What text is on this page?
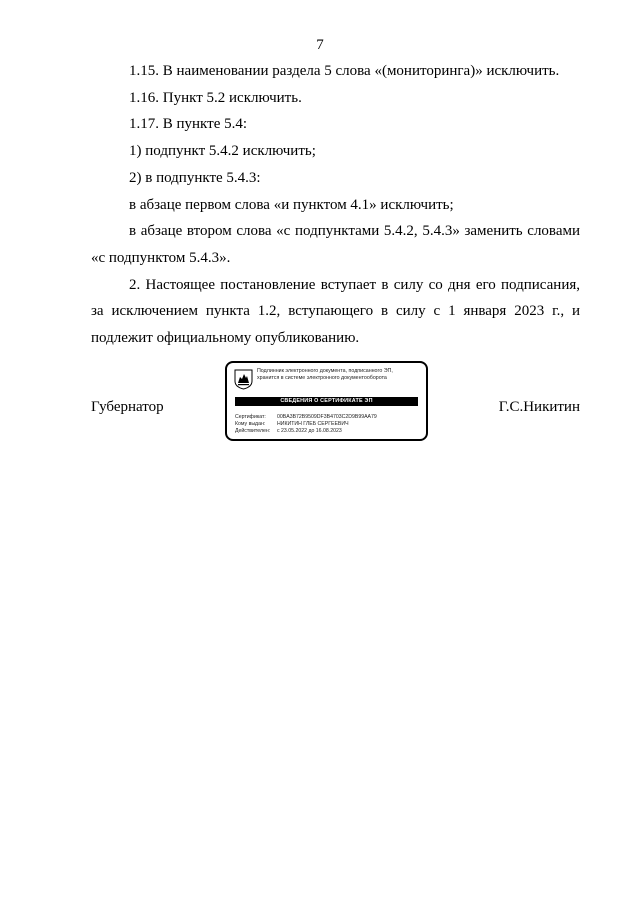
7

1.15. В наименовании раздела 5 слова «(мониторинга)» исключить.

1.16. Пункт 5.2 исключить.

1.17. В пункте 5.4:

1) подпункт 5.4.2 исключить;

2) в подпункте 5.4.3:

в абзаце первом слова «и пунктом 4.1» исключить;

в абзаце втором слова «с подпунктами 5.4.2, 5.4.3» заменить словами «с подпунктом 5.4.3».

2. Настоящее постановление вступает в силу со дня его подписания, за исключением пункта 1.2, вступающего в силу с 1 января 2023 г., и подлежит официальному опубликованию.

Губернатор	Г.С.Никитин
Подлинник электронного документа, подписанного ЭП,
хранится в системе электронного документооборота
СВЕДЕНИЯ О СЕРТИФИКАТЕ ЭП
Сертификат: 00BA3B72B9509DF3B4703C2D9B99AA79
Кому выдан: НИКИТИН ГЛЕБ СЕРГЕЕВИЧ
Действителен: с 23.05.2022 до 16.08.2023
